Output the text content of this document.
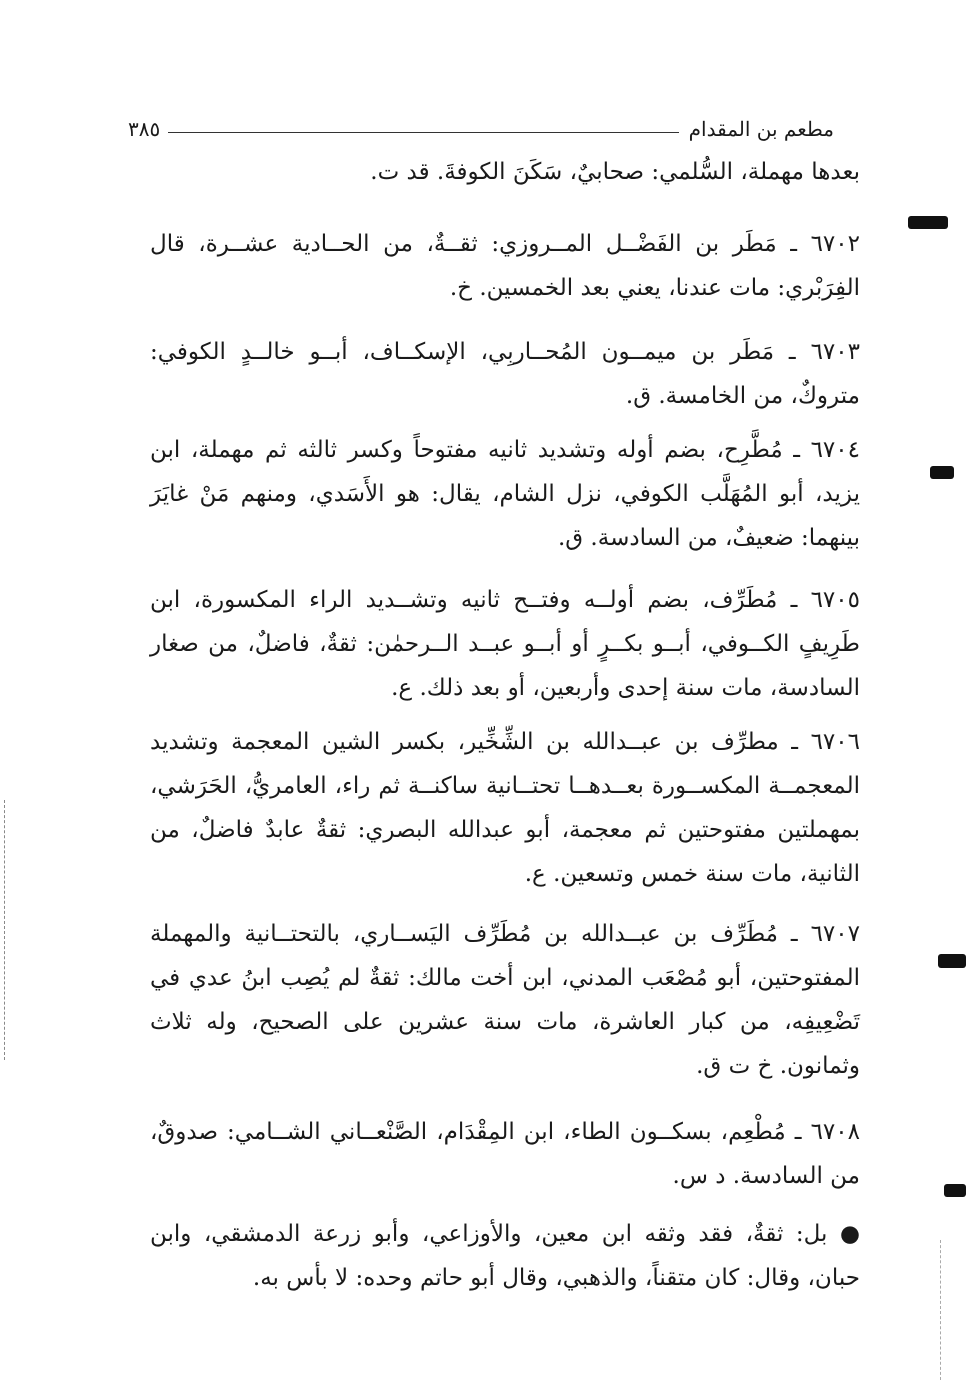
مطعم بن المقدام
٣٨٥
بعدها مهملة، السُّلمي: صحابيٌ، سَكَنَ الكوفةَ. قد ت.
٦٧٠٢ ـ مَطَر بن الفَضْــل المــروزي: ثقــةٌ، من الحــادية عشــرة، قال الفِرَبْري: مات عندنا، يعني بعد الخمسين. خ.
٦٧٠٣ ـ مَطَر بن ميمــون المُحــاربِي، الإسكــاف، أبــو خالــدٍ الكوفي: متروكٌ، من الخامسة. ق.
٦٧٠٤ ـ مُطَّرِح، بضم أوله وتشديد ثانيه مفتوحاً وكسر ثالثه ثم مهملة، ابن يزيد، أبو المُهَلَّب الكوفي، نزل الشام، يقال: هو الأَسَدي، ومنهم مَنْ غايَرَ بينهما: ضعيفٌ، من السادسة. ق.
٦٧٠٥ ـ مُطَرِّف، بضم أولــه وفتــح ثانيه وتشــديد الراء المكسورة، ابن طَرِيفٍ الكــوفي، أبــو بكــرٍ أو أبــو عبــد الــرحمٰن: ثقةٌ، فاضلٌ، من صغار السادسة، مات سنة إحدى وأربعين، أو بعد ذلك. ع.
٦٧٠٦ ـ مطرِّف بن عبــدالله بن الشِّخِّير، بكسر الشين المعجمة وتشديد المعجمــة المكســورة بعــدهــا تحتــانية ساكنــة ثم راء، العامريُّ، الحَرَشي، بمهملتين مفتوحتين ثم معجمة، أبو عبدالله البصري: ثقةٌ عابدٌ فاضلٌ، من الثانية، مات سنة خمس وتسعين. ع.
٦٧٠٧ ـ مُطَرِّف بن عبــدالله بن مُطَرِّف اليَســاري، بالتحتــانية والمهملة المفتوحتين، أبو مُصْعَب المدني، ابن أخت مالك: ثقةٌ لم يُصِب ابنُ عدي في تَضْعِيفِه، من كبار العاشرة، مات سنة عشرين على الصحيح، وله ثلاث وثمانون. خ ت ق.
٦٧٠٨ ـ مُطْعِم، بسكــون الطاء، ابن المِقْدَام، الصَّنْعــاني الشــامي: صدوقٌ، من السادسة. د س.
● بل: ثقةٌ، فقد وثقه ابن معين، والأوزاعي، وأبو زرعة الدمشقي، وابن حبان، وقال: كان متقناً، والذهبي، وقال أبو حاتم وحده: لا بأس به.
